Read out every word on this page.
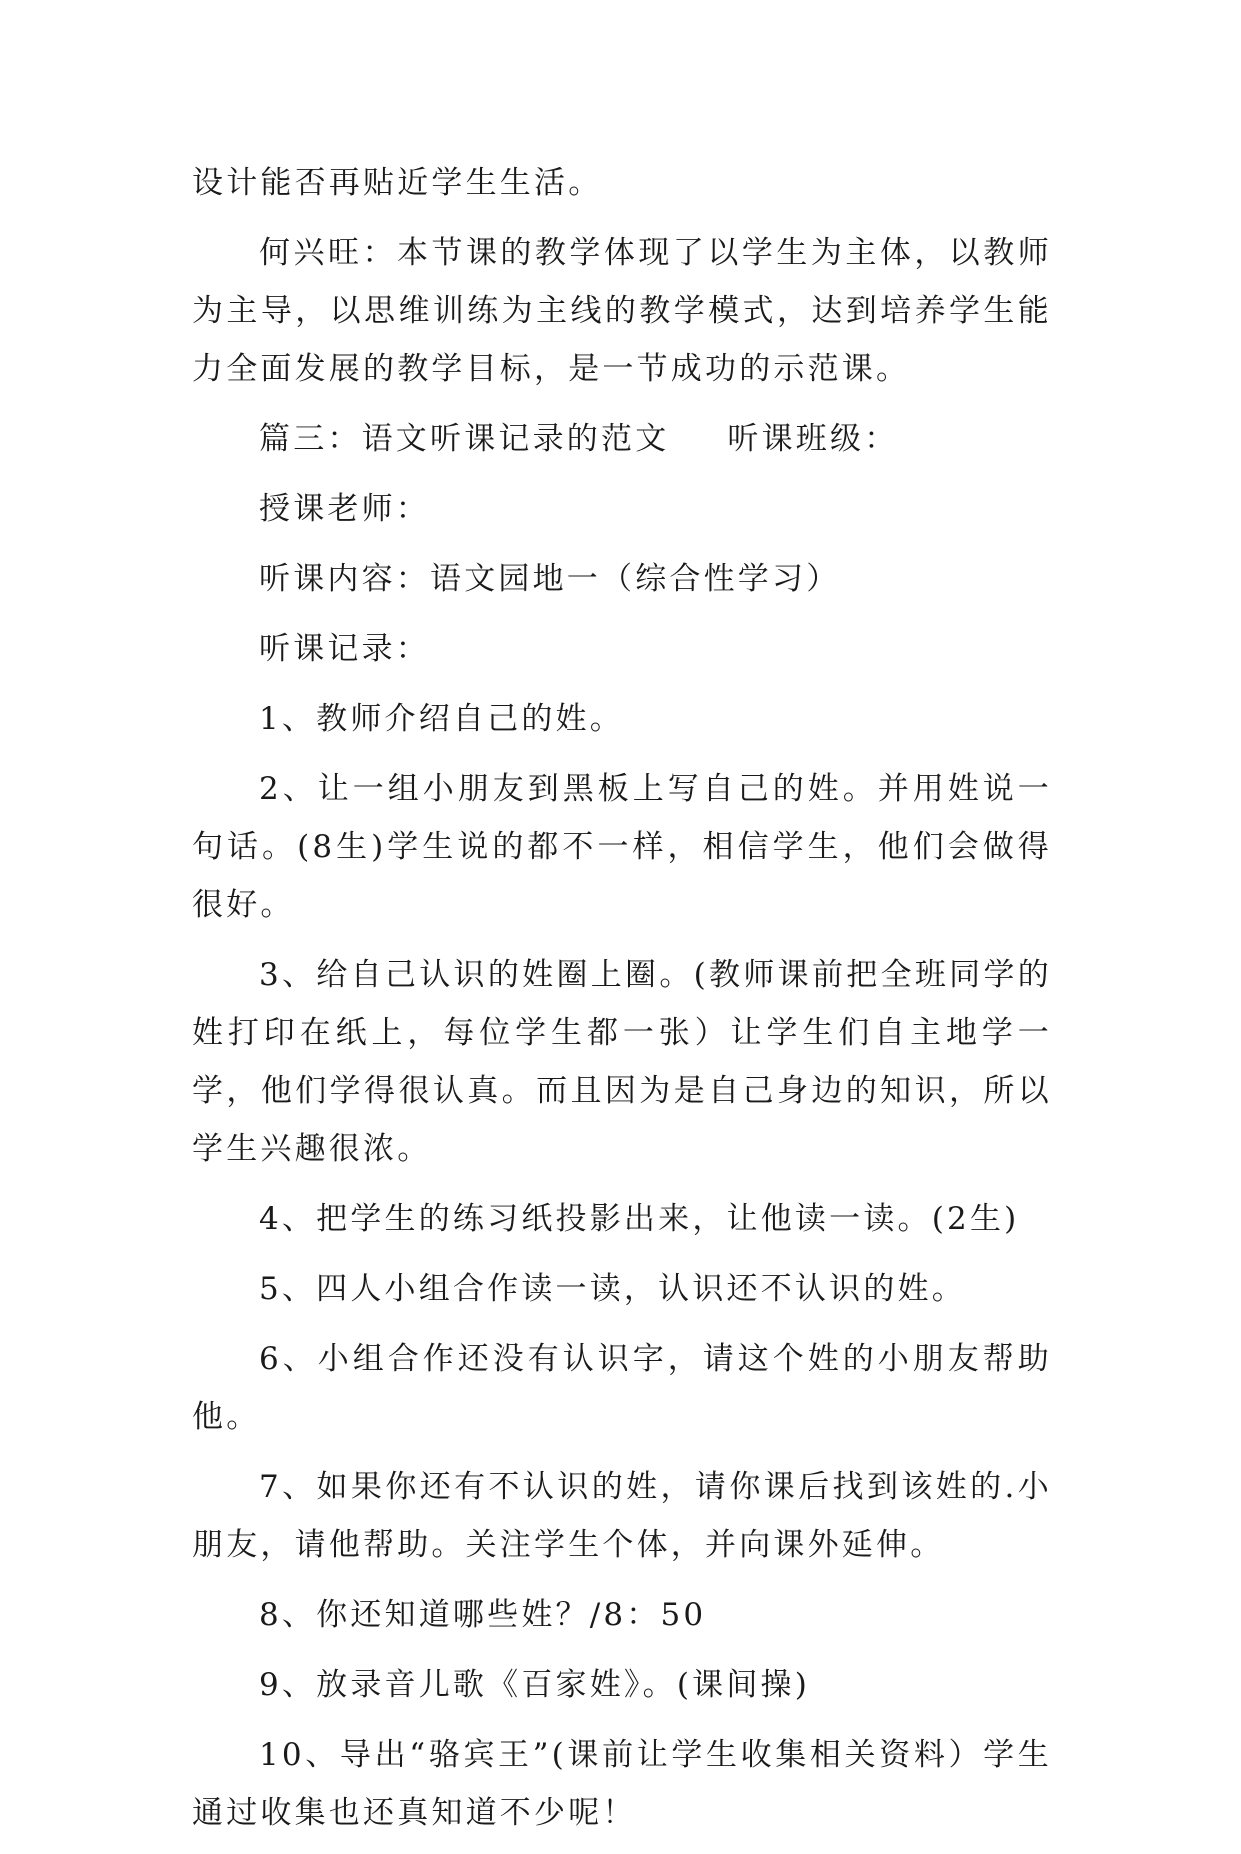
设计能否再贴近学生生活。

何兴旺：本节课的教学体现了以学生为主体，以教师为主导，以思维训练为主线的教学模式，达到培养学生能力全面发展的教学目标，是一节成功的示范课。

篇三：语文听课记录的范文 听课班级：

授课老师：

听课内容：语文园地一（综合性学习）

听课记录：

1、教师介绍自己的姓。

2、让一组小朋友到黑板上写自己的姓。并用姓说一句话。(8生)学生说的都不一样，相信学生，他们会做得很好。

3、给自己认识的姓圈上圈。(教师课前把全班同学的姓打印在纸上，每位学生都一张）让学生们自主地学一学，他们学得很认真。而且因为是自己身边的知识，所以学生兴趣很浓。

4、把学生的练习纸投影出来，让他读一读。(2生)

5、四人小组合作读一读，认识还不认识的姓。

6、小组合作还没有认识字，请这个姓的小朋友帮助他。

7、如果你还有不认识的姓，请你课后找到该姓的.小朋友，请他帮助。关注学生个体，并向课外延伸。

8、你还知道哪些姓？/8：50

9、放录音儿歌《百家姓》。(课间操)

10、导出“骆宾王”(课前让学生收集相关资料）学生通过收集也还真知道不少呢！
